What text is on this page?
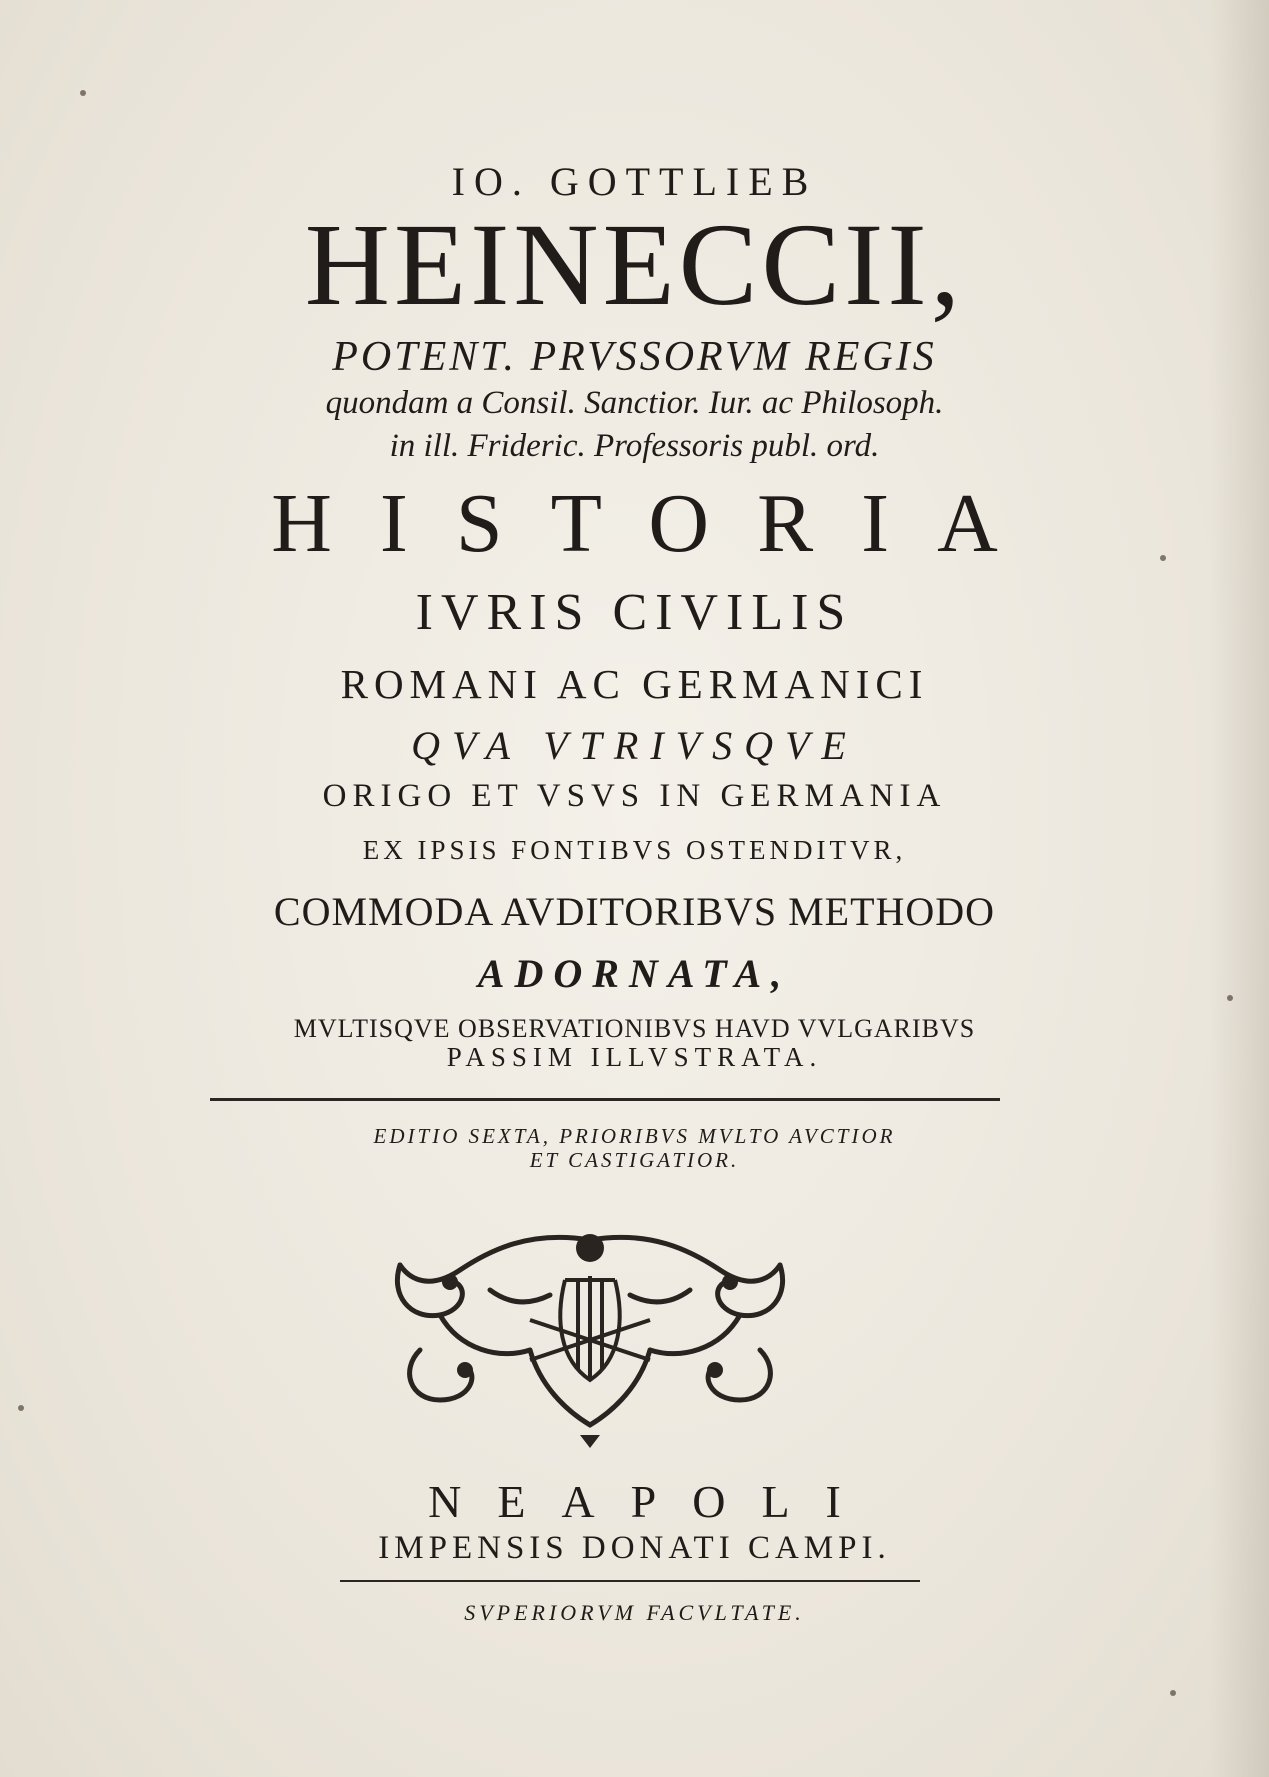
IO. GOTTLIEB
HEINECCII,
POTENT. PRVSSORVM REGIS
quondam a Consil. Sanctior. Iur. ac Philosoph.
in ill. Frideric. Professoris publ. ord.
HISTORIA
IVRIS CIVILIS
ROMANI AC GERMANICI
QVA VTRIVSQVE
ORIGO ET VSVS IN GERMANIA
EX IPSIS FONTIBVS OSTENDITVR,
COMMODA AVDITORIBVS METHODO
ADORNATA,
MVLTISQVE OBSERVATIONIBVS HAVD VVLGARIBVS
PASSIM ILLVSTRATA.
EDITIO SEXTA, PRIORIBVS MVLTO AVCTIOR
ET CASTIGATIOR.
NEAPOLI
IMPENSIS DONATI CAMPI.
SVPERIORVM FACVLTATE.
